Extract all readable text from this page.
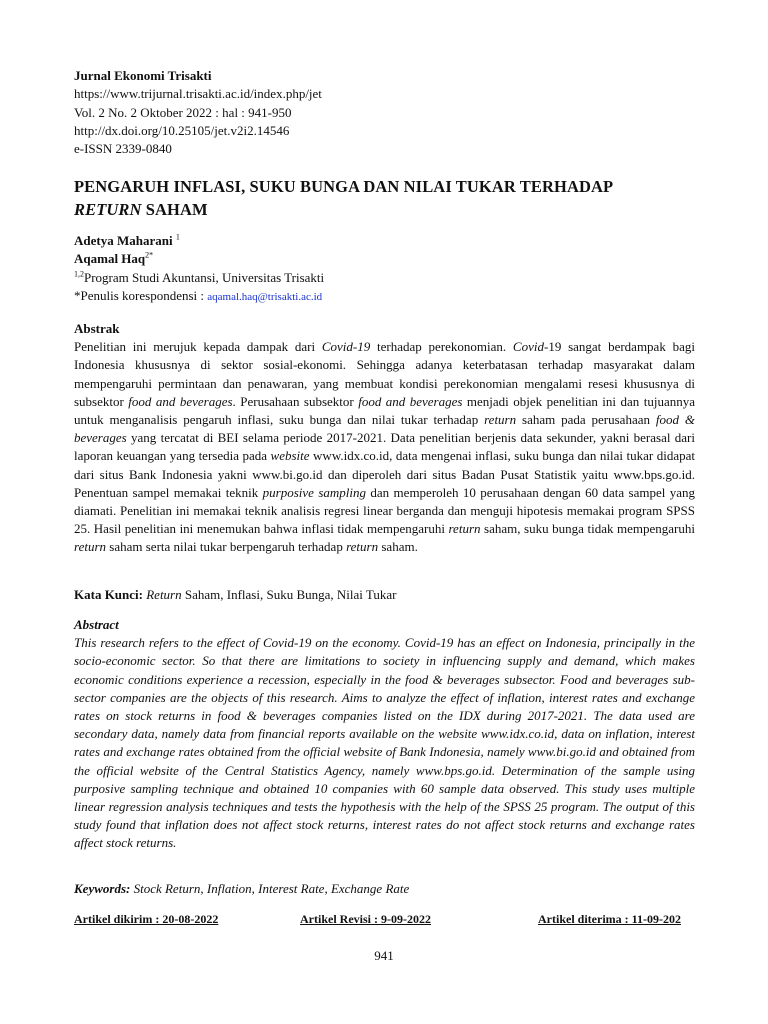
Jurnal Ekonomi Trisakti
https://www.trijurnal.trisakti.ac.id/index.php/jet
Vol. 2 No. 2 Oktober 2022 : hal : 941-950
http://dx.doi.org/10.25105/jet.v2i2.14546
e-ISSN 2339-0840
PENGARUH INFLASI, SUKU BUNGA DAN NILAI TUKAR TERHADAP
RETURN SAHAM
Adetya Maharani $^1$
Aqamal Haq$^{2*}$
$^{1,2}$Program Studi Akuntansi, Universitas Trisakti
*Penulis korespondensi : aqamal.haq@trisakti.ac.id
Abstrak
Penelitian ini merujuk kepada dampak dari Covid-19 terhadap perekonomian. Covid-19 sangat berdampak bagi Indonesia khususnya di sektor sosial-ekonomi. Sehingga adanya keterbatasan terhadap masyarakat dalam mempengaruhi permintaan dan penawaran, yang membuat kondisi perekonomian mengalami resesi khususnya di subsektor food and beverages. Perusahaan subsektor food and beverages menjadi objek penelitian ini dan tujuannya untuk menganalisis pengaruh inflasi, suku bunga dan nilai tukar terhadap return saham pada perusahaan food & beverages yang tercatat di BEI selama periode 2017-2021. Data penelitian berjenis data sekunder, yakni berasal dari laporan keuangan yang tersedia pada website www.idx.co.id, data mengenai inflasi, suku bunga dan nilai tukar didapat dari situs Bank Indonesia yakni www.bi.go.id dan diperoleh dari situs Badan Pusat Statistik yaitu www.bps.go.id. Penentuan sampel memakai teknik purposive sampling dan memperoleh 10 perusahaan dengan 60 data sampel yang diamati. Penelitian ini memakai teknik analisis regresi linear berganda dan menguji hipotesis memakai program SPSS 25. Hasil penelitian ini menemukan bahwa inflasi tidak mempengaruhi return saham, suku bunga tidak mempengaruhi return saham serta nilai tukar berpengaruh terhadap return saham.
Kata Kunci: Return Saham, Inflasi, Suku Bunga, Nilai Tukar
Abstract
This research refers to the effect of Covid-19 on the economy. Covid-19 has an effect on Indonesia, principally in the socio-economic sector. So that there are limitations to society in influencing supply and demand, which makes economic conditions experience a recession, especially in the food & beverages subsector. Food and beverages sub-sector companies are the objects of this research. Aims to analyze the effect of inflation, interest rates and exchange rates on stock returns in food & beverages companies listed on the IDX during 2017-2021. The data used are secondary data, namely data from financial reports available on the website www.idx.co.id, data on inflation, interest rates and exchange rates obtained from the official website of Bank Indonesia, namely www.bi.go.id and obtained from the official website of the Central Statistics Agency, namely www.bps.go.id. Determination of the sample using purposive sampling technique and obtained 10 companies with 60 sample data observed. This study uses multiple linear regression analysis techniques and tests the hypothesis with the help of the SPSS 25 program. The output of this study found that inflation does not affect stock returns, interest rates do not affect stock returns and exchange rates affect stock returns.
Keywords: Stock Return, Inflation, Interest Rate, Exchange Rate
Artikel dikirim : 20-08-2022	Artikel Revisi : 9-09-2022	Artikel diterima : 11-09-202
941
